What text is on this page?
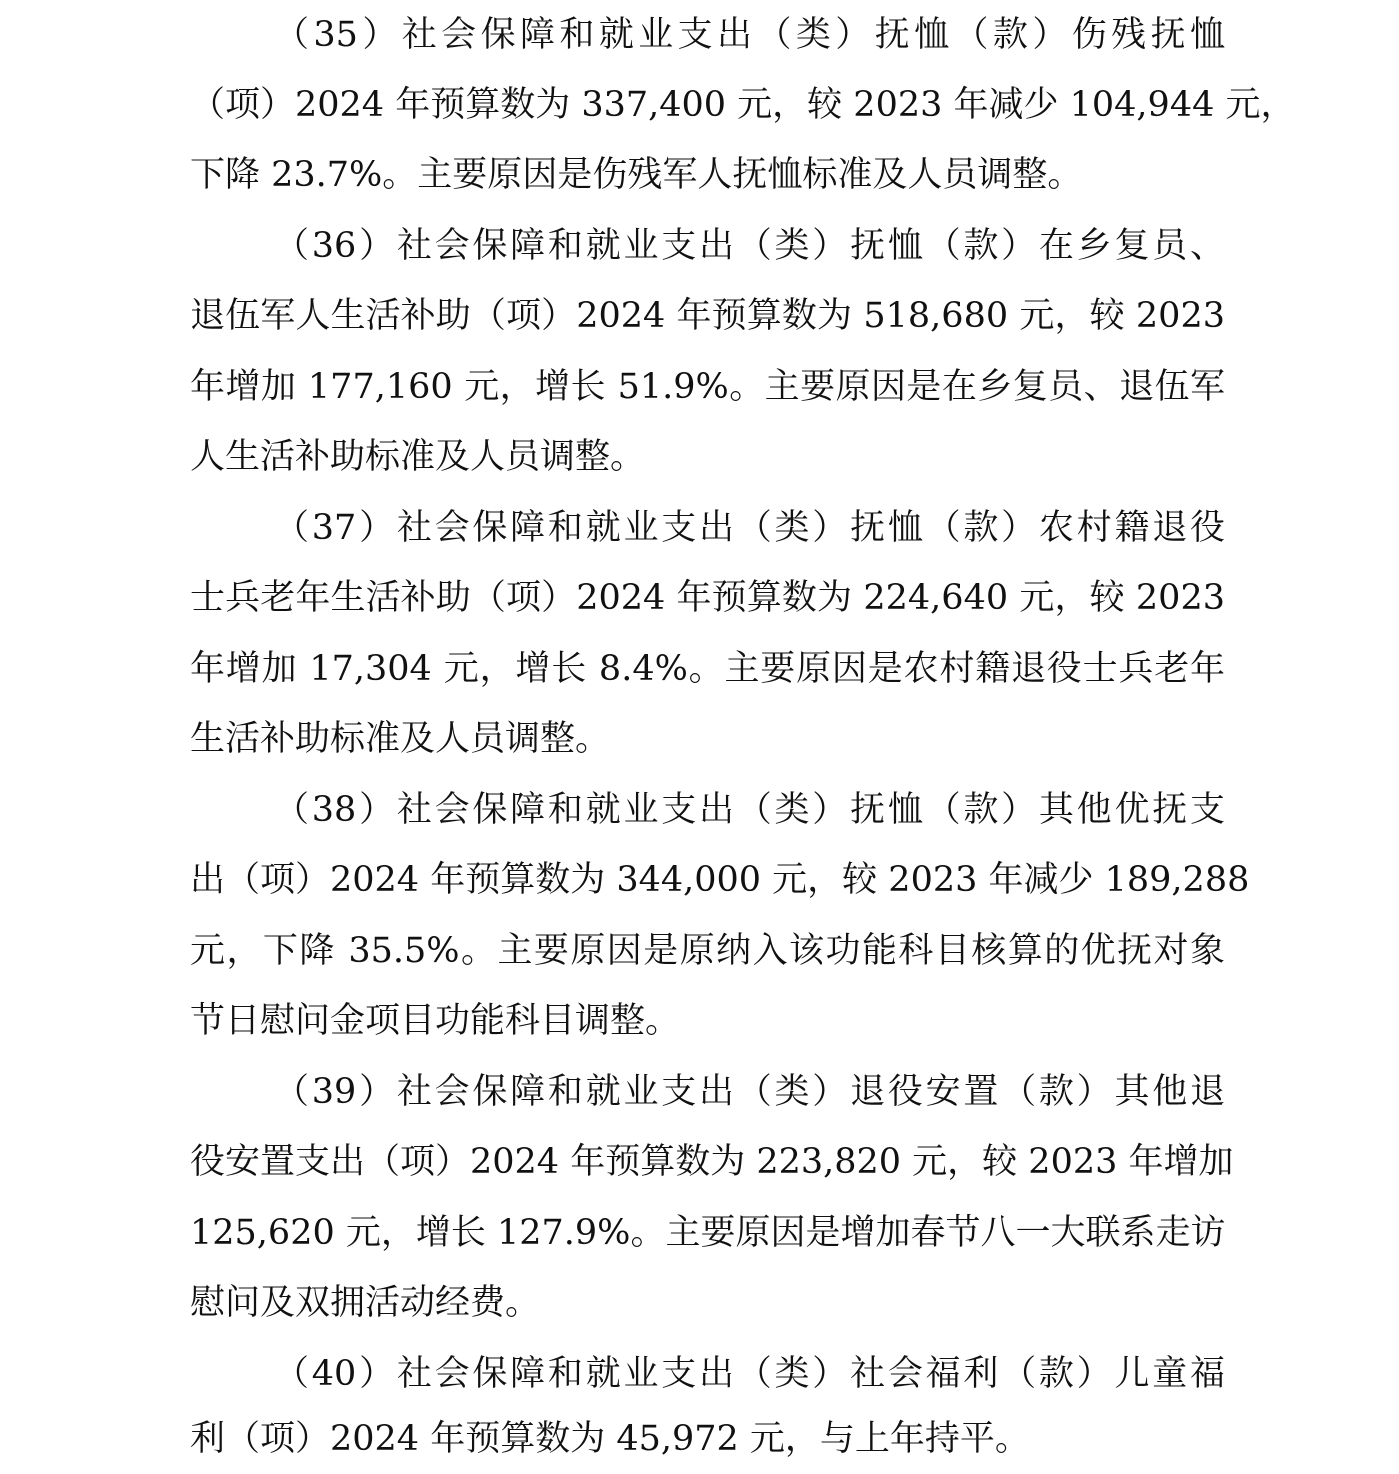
（35）社会保障和就业支出（类）抚恤（款）伤残抚恤
（项）2024 年预算数为 337,400 元，较 2023 年减少 104,944 元，
下降 23.7%。主要原因是伤残军人抚恤标准及人员调整。
（36）社会保障和就业支出（类）抚恤（款）在乡复员、
退伍军人生活补助（项）2024 年预算数为 518,680 元，较 2023
年增加 177,160 元，增长 51.9%。主要原因是在乡复员、退伍军
人生活补助标准及人员调整。
（37）社会保障和就业支出（类）抚恤（款）农村籍退役
士兵老年生活补助（项）2024 年预算数为 224,640 元，较 2023
年增加 17,304 元，增长 8.4%。主要原因是农村籍退役士兵老年
生活补助标准及人员调整。
（38）社会保障和就业支出（类）抚恤（款）其他优抚支
出（项）2024 年预算数为 344,000 元，较 2023 年减少 189,288
元，下降 35.5%。主要原因是原纳入该功能科目核算的优抚对象
节日慰问金项目功能科目调整。
（39）社会保障和就业支出（类）退役安置（款）其他退
役安置支出（项）2024 年预算数为 223,820 元，较 2023 年增加
125,620 元，增长 127.9%。主要原因是增加春节八一大联系走访
慰问及双拥活动经费。
（40）社会保障和就业支出（类）社会福利（款）儿童福
利（项）2024 年预算数为 45,972 元，与上年持平。
